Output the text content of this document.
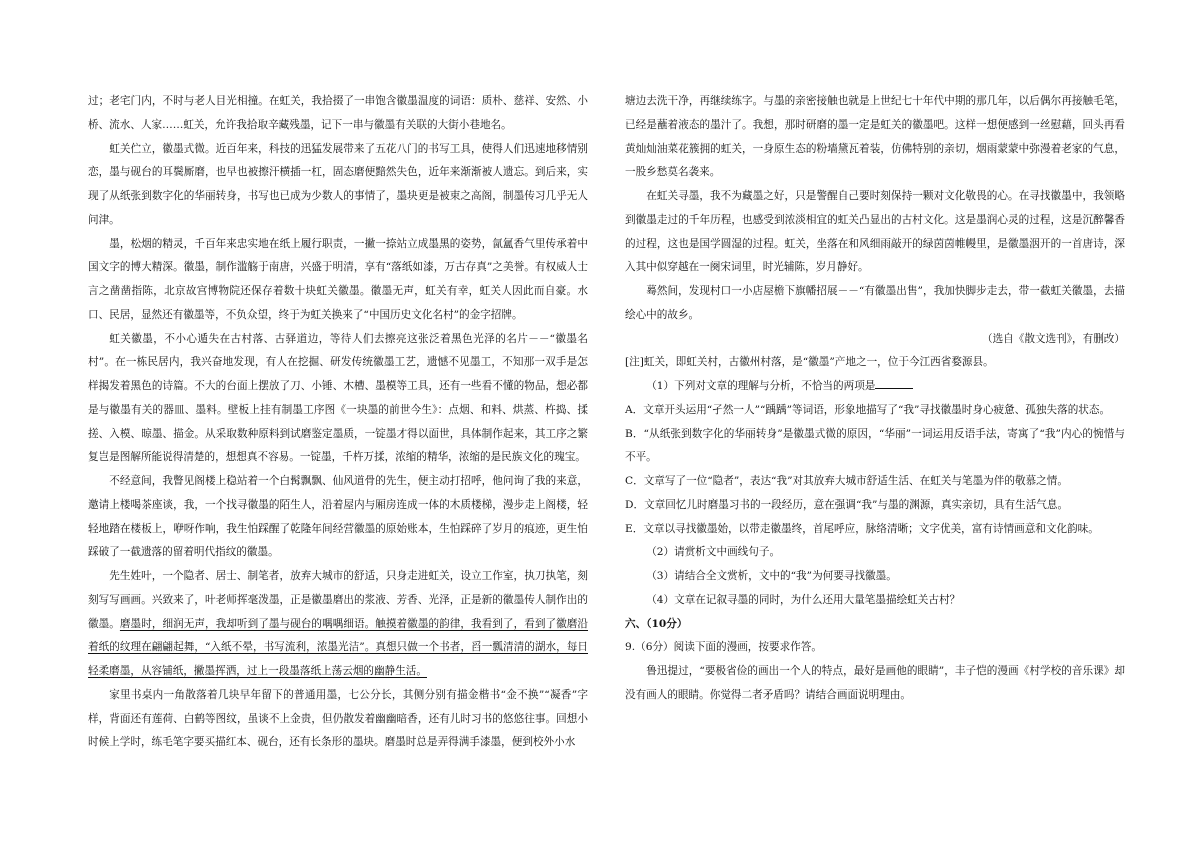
过；老宅门内，不时与老人目光相撞。在虹关，我拾掇了一串饱含徽墨温度的词语：质朴、慈祥、安然、小桥、流水、人家……虹关，允许我拾取辛藏残墨，记下一串与徽墨有关联的大街小巷地名。

虹关伫立，徽墨式微。近百年来，科技的迅猛发展带来了五花八门的书写工具，使得人们迅速地移情别恋，墨与砚台的耳鬓厮磨，也早也被擦汗横插一杠，固态磨便黯然失色，近年来渐渐被人遗忘。到后来，实现了从纸张到数字化的华丽转身，书写也已成为少数人的事情了，墨块更是被束之高阁，制墨传习几乎无人问津。

墨，松烟的精灵，千百年来忠实地在纸上履行职责，一撇一捺站立成墨黑的姿势，氤氲香气里传承着中国文字的博大精深。徽墨，制作滥觞于南唐，兴盛于明清，享有“落纸如漆，万古存真”之美誉。有权威人士言之凿凿指陈，北京故宫博物院还保存着数十块虹关徽墨。徽墨无声，虹关有幸，虹关人因此而自豪。水口、民居，显然还有徽墨等，不负众望，终于为虹关换来了“中国历史文化名村”的金字招牌。

虹关徽墨，不小心遁失在古村落、古驿道边，等待人们去擦亮这张泛着黑色光泽的名片－－“徽墨名村”。在一栋民居内，我兴奋地发现，有人在挖掘、研发传统徽墨工艺，遗憾不见墨工，不知那一双手是怎样揭发着黑色的诗篇。不大的台面上摆放了刀、小锤、木槽、墨模等工具，还有一些看不懂的物品，想必都是与徽墨有关的器皿、墨料。壁板上挂有制墨工序图《一块墨的前世今生》：点烟、和料、烘蒸、杵捣、揉搓、入模、晾墨、描金。从采取数种原料到试磨鉴定墨质，一锭墨才得以面世，具体制作起来，其工序之繁复岂是图解所能说得清楚的，想想真不容易。一锭墨，千杵万揉，浓缩的精华，浓缩的是民族文化的瑰宝。

不经意间，我瞥见阁楼上稳站着一个白髯飘飘、仙风道骨的先生，便主动打招呼，他问询了我的来意，邀请上楼喝茶座谈，我，一个找寻徽墨的陌生人，沿着屋内与厢房连成一体的木质楼梯，漫步走上阁楼，轻轻地踏在楼板上，咿呀作响，我生怕踩醒了乾隆年间经营徽墨的原始账本，生怕踩碎了岁月的痕迹，更生怕踩破了一截遗落的留着明代指纹的徽墨。

先生姓叶，一个隐者、居士、制笔者，放弃大城市的舒适，只身走进虹关，设立工作室，执刀执笔，刻刻写写画画。兴致来了，叶老师挥毫泼墨，正是徽墨磨出的浆液、芳香、光泽，正是新的徽墨传人制作出的徽墨。磨墨时，细润无声，我却听到了墨与砚台的喁喁细语。触摸着徽墨的韵律，我看到了，看到了徽磨沿着纸的纹理在翩翩起舞，“入纸不晕，书写流利，浓墨光洁”。真想只做一个书者，舀一瓢清清的湖水，每日轻柔磨墨，从容铺纸，撇墨挥洒，过上一段墨落纸上荡云烟的幽静生活。

家里书桌内一角散落着几块早年留下的普通用墨，七公分长，其侧分别有描金楷书“金不换”“凝香”字样，背面还有莲荷、白鹤等图纹，虽谈不上金贵，但仍散发着幽幽暗香，还有儿时习书的悠悠往事。回想小时候上学时，练毛笔字要买描红本、砚台，还有长条形的墨块。磨墨时总是弄得满手漆墨，便到校外小水

塘边去洗干净，再继续练字。与墨的亲密接触也就是上世纪七十年代中期的那几年，以后偶尔再接触毛笔，已经是蘸着液态的墨汁了。我想，那时研磨的墨一定是虹关的徽墨吧。这样一想便感到一丝慰藉，回头再看黄灿灿油菜花簇拥的虹关，一身原生态的粉墙黛瓦着装，仿佛特别的亲切，烟雨蒙蒙中弥漫着老家的气息，一股乡愁莫名袭来。

在虹关寻墨，我不为藏墨之好，只是警醒自己要时刻保持一颗对文化敬畏的心。在寻找徽墨中，我领略到徽墨走过的千年历程，也感受到浓淡相宜的虹关凸显出的古村文化。这是墨润心灵的过程，这是沉醉馨香的过程，这也是国学圆湿的过程。虹关，坐落在和风细雨敲开的绿茵茵帷幔里，是徽墨洇开的一首唐诗，深入其中似穿越在一阕宋词里，时光辅陈，岁月静好。

蓦然间，发现村口一小店屋檐下旗幡招展－－“有徽墨出售”，我加快脚步走去，带一截虹关徽墨，去描绘心中的故乡。

（选自《散文选刊》，有删改）

[注]虹关，即虹关村，古徽州村落，是“徽墨”产地之一，位于今江西省婺源县。

（1）下列对文章的理解与分析，不恰当的两项是

A．文章开头运用“孑然一人”“踽踽”等词语，形象地描写了“我”寻找徽墨时身心疲惫、孤独失落的状态。

B．“从纸张到数字化的华丽转身”是徽墨式微的原因，“华丽”一词运用反语手法，寄寓了“我”内心的惋惜与不平。

C．文章写了一位“隐者”，表达“我”对其放弃大城市舒适生活、在虹关与笔墨为伴的敬慕之情。

D．文章回忆儿时磨墨习书的一段经历，意在强调“我”与墨的渊源，真实亲切，具有生活气息。

E．文章以寻找徽墨始，以带走徽墨终，首尾呼应，脉络清晰；文字优美，富有诗情画意和文化韵味。

（2）请赏析文中画线句子。

（3）请结合全文赏析，文中的“我”为何要寻找徽墨。

（4）文章在记叙寻墨的同时，为什么还用大量笔墨描绘虹关古村？

六、（10分）

9.（6分）阅读下面的漫画，按要求作答。

鲁迅提过，“要极省俭的画出一个人的特点，最好是画他的眼睛”，丰子恺的漫画《村学校的音乐课》却没有画人的眼睛。你觉得二者矛盾吗？请结合画面说明理由。
